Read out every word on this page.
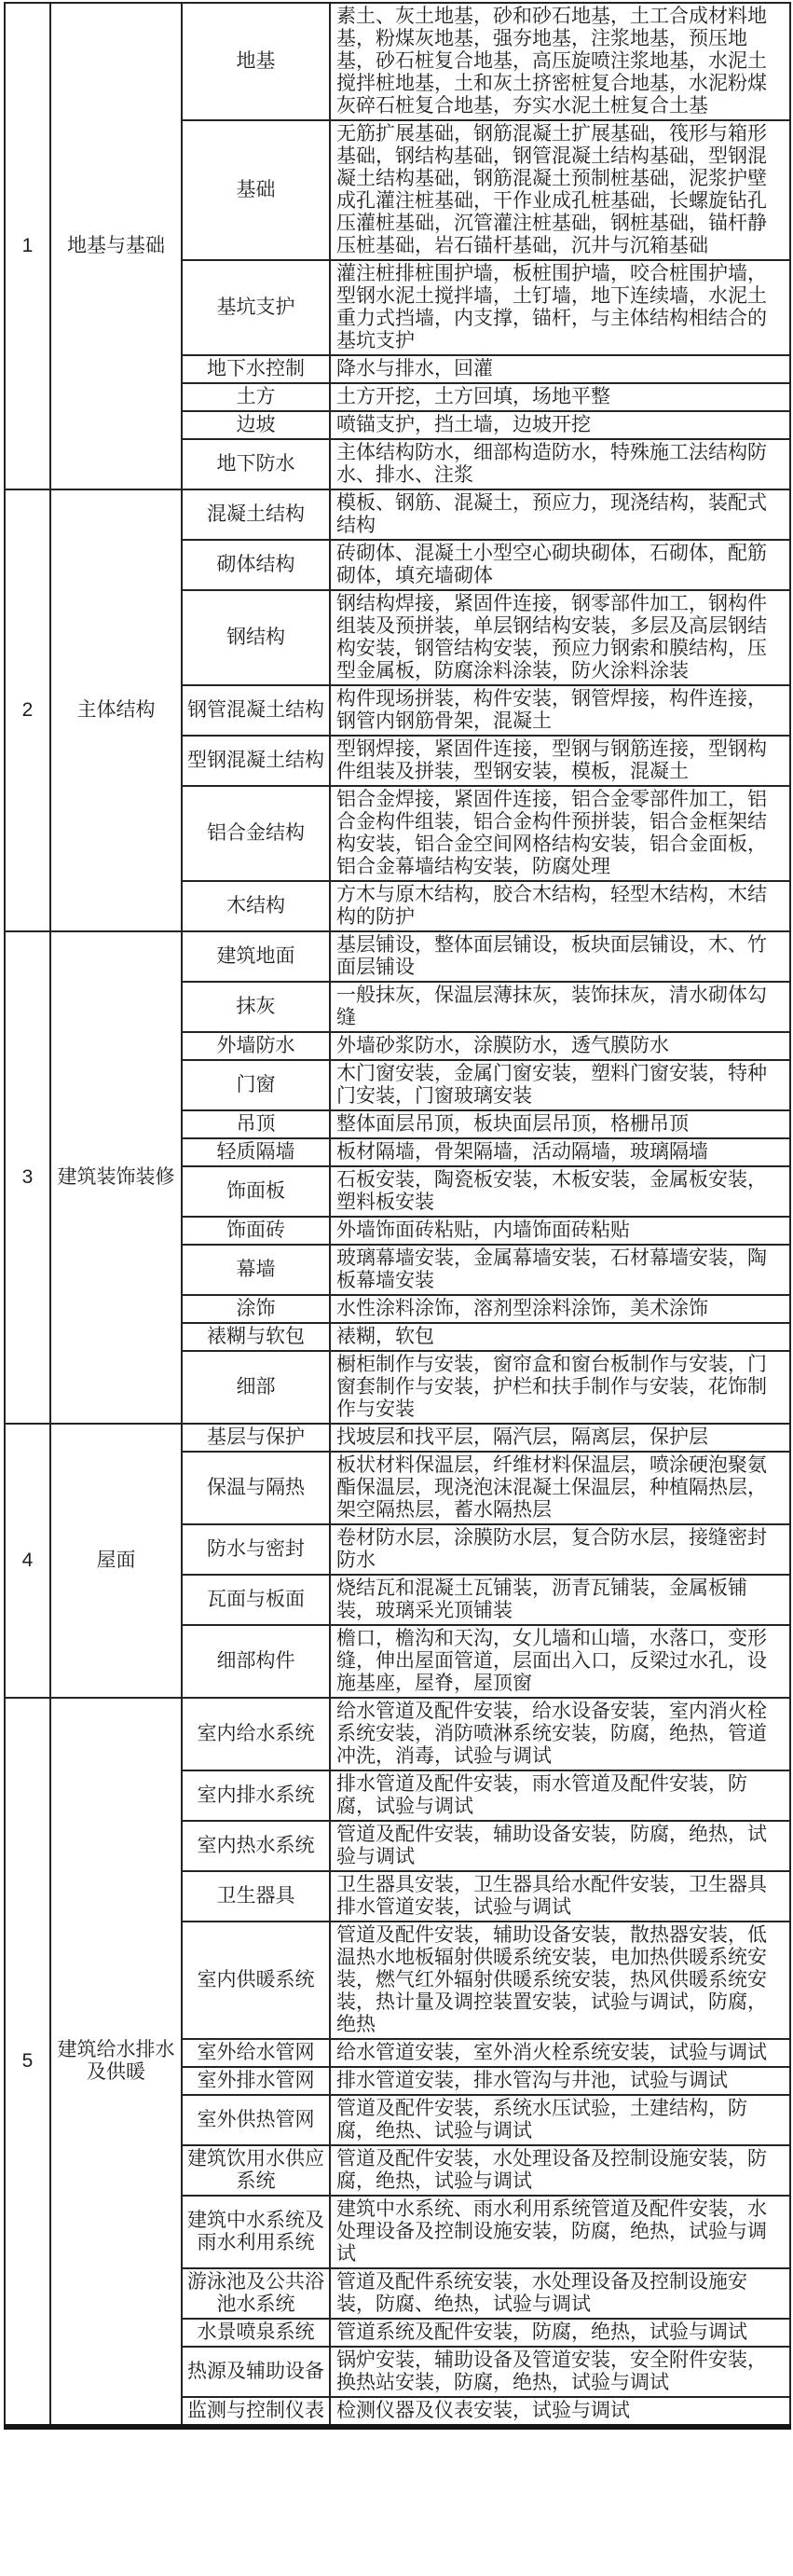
1	地基与基础	地基	素土、灰土地基，砂和砂石地基，土工合成材料地基，粉煤灰地基，强夯地基，注浆地基，预压地基，砂石桩复合地基，高压旋喷注浆地基，水泥土搅拌桩地基，土和灰土挤密桩复合地基，水泥粉煤灰碎石桩复合地基，夯实水泥土桩复合土基
		基础	无筋扩展基础，钢筋混凝土扩展基础，筏形与箱形基础，钢结构基础，钢管混凝土结构基础，型钢混凝土结构基础，钢筋混凝土预制桩基础，泥浆护壁成孔灌注桩基础，干作业成孔桩基础，长螺旋钻孔压灌桩基础，沉管灌注桩基础，钢桩基础，锚杆静压桩基础，岩石锚杆基础，沉井与沉箱基础
		基坑支护	灌注桩排桩围护墙，板桩围护墙，咬合桩围护墙，型钢水泥土搅拌墙，土钉墙，地下连续墙，水泥土重力式挡墙，内支撑，锚杆，与主体结构相结合的基坑支护
		地下水控制	降水与排水，回灌
		土方	土方开挖，土方回填，场地平整
		边坡	喷锚支护，挡土墙，边坡开挖
		地下防水	主体结构防水，细部构造防水，特殊施工法结构防水、排水、注浆
2	主体结构	混凝土结构	模板、钢筋、混凝土，预应力，现浇结构，装配式结构
		砌体结构	砖砌体、混凝土小型空心砌块砌体，石砌体，配筋砌体，填充墙砌体
		钢结构	钢结构焊接，紧固件连接，钢零部件加工，钢构件组装及预拼装，单层钢结构安装，多层及高层钢结构安装，钢管结构安装，预应力钢索和膜结构，压型金属板，防腐涂料涂装，防火涂料涂装
		钢管混凝土结构	构件现场拼装，构件安装，钢管焊接，构件连接，钢管内钢筋骨架，混凝土
		型钢混凝土结构	型钢焊接，紧固件连接，型钢与钢筋连接，型钢构件组装及拼装，型钢安装，模板，混凝土
		铝合金结构	铝合金焊接，紧固件连接，铝合金零部件加工，铝合金构件组装，铝合金构件预拼装，铝合金框架结构安装，铝合金空间网格结构安装，铝合金面板，铝合金幕墙结构安装，防腐处理
		木结构	方木与原木结构，胶合木结构，轻型木结构，木结构的防护
3	建筑装饰装修	建筑地面	基层铺设，整体面层铺设，板块面层铺设，木、竹面层铺设
		抹灰	一般抹灰，保温层薄抹灰，装饰抹灰，清水砌体勾缝
		外墙防水	外墙砂浆防水，涂膜防水，透气膜防水
		门窗	木门窗安装，金属门窗安装，塑料门窗安装，特种门安装，门窗玻璃安装
		吊顶	整体面层吊顶，板块面层吊顶，格栅吊顶
		轻质隔墙	板材隔墙，骨架隔墙，活动隔墙，玻璃隔墙
		饰面板	石板安装，陶瓷板安装，木板安装，金属板安装，塑料板安装
		饰面砖	外墙饰面砖粘贴，内墙饰面砖粘贴
		幕墙	玻璃幕墙安装，金属幕墙安装，石材幕墙安装，陶板幕墙安装
		涂饰	水性涂料涂饰，溶剂型涂料涂饰，美术涂饰
		裱糊与软包	裱糊，软包
		细部	橱柜制作与安装，窗帘盒和窗台板制作与安装，门窗套制作与安装，护栏和扶手制作与安装，花饰制作与安装
4	屋面	基层与保护	找坡层和找平层，隔汽层，隔离层，保护层
		保温与隔热	板状材料保温层，纤维材料保温层，喷涂硬泡聚氨酯保温层，现浇泡沫混凝土保温层，种植隔热层，架空隔热层，蓄水隔热层
		防水与密封	卷材防水层，涂膜防水层，复合防水层，接缝密封防水
		瓦面与板面	烧结瓦和混凝土瓦铺装，沥青瓦铺装，金属板铺装，玻璃采光顶铺装
		细部构件	檐口，檐沟和天沟，女儿墙和山墙，水落口，变形缝，伸出屋面管道，层面出入口，反梁过水孔，设施基座，屋脊，屋顶窗
5	建筑给水排水及供暖	室内给水系统	给水管道及配件安装，给水设备安装，室内消火栓系统安装，消防喷淋系统安装，防腐，绝热，管道冲洗，消毒，试验与调试
		室内排水系统	排水管道及配件安装，雨水管道及配件安装，防腐，试验与调试
		室内热水系统	管道及配件安装，辅助设备安装，防腐，绝热，试验与调试
		卫生器具	卫生器具安装，卫生器具给水配件安装，卫生器具排水管道安装，试验与调试
		室内供暖系统	管道及配件安装，辅助设备安装，散热器安装，低温热水地板辐射供暖系统安装，电加热供暖系统安装，燃气红外辐射供暖系统安装，热风供暖系统安装，热计量及调控装置安装，试验与调试，防腐，绝热
		室外给水管网	给水管道安装，室外消火栓系统安装，试验与调试
		室外排水管网	排水管道安装，排水管沟与井池，试验与调试
		室外供热管网	管道及配件安装，系统水压试验，土建结构，防腐，绝热、试验与调试
		建筑饮用水供应系统	管道及配件安装，水处理设备及控制设施安装，防腐，绝热，试验与调试
		建筑中水系统及雨水利用系统	建筑中水系统、雨水利用系统管道及配件安装，水处理设备及控制设施安装，防腐，绝热，试验与调试
		游泳池及公共浴池水系统	管道及配件系统安装，水处理设备及控制设施安装，防腐、绝热，试验与调试
		水景喷泉系统	管道系统及配件安装，防腐，绝热，试验与调试
		热源及辅助设备	锅炉安装，辅助设备及管道安装，安全附件安装，换热站安装，防腐，绝热，试验与调试
		监测与控制仪表	检测仪器及仪表安装，试验与调试
